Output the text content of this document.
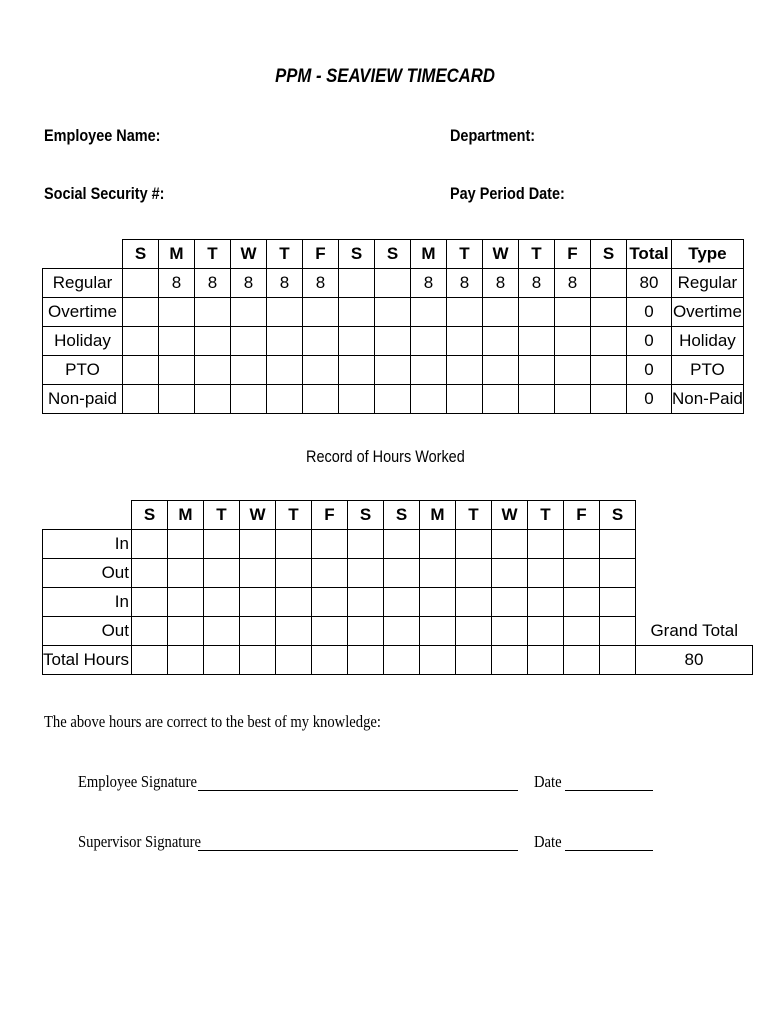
PPM - SEAVIEW TIMECARD
Employee Name:	Department:
Social Security #:	Pay Period Date:
	S	M	T	W	T	F	S	S	M	T	W	T	F	S	Total	Type
Regular		8	8	8	8	8			8	8	8	8	8		80	Regular
Overtime															0	Overtime
Holiday															0	Holiday
PTO															0	PTO
Non-paid															0	Non-Paid
Record of Hours Worked
	S	M	T	W	T	F	S	S	M	T	W	T	F	S	
In															
Out															
In															
Out															Grand Total
Total Hours															80
The above hours are correct to the best of my knowledge:
Employee Signature	Date
Supervisor Signature	Date
